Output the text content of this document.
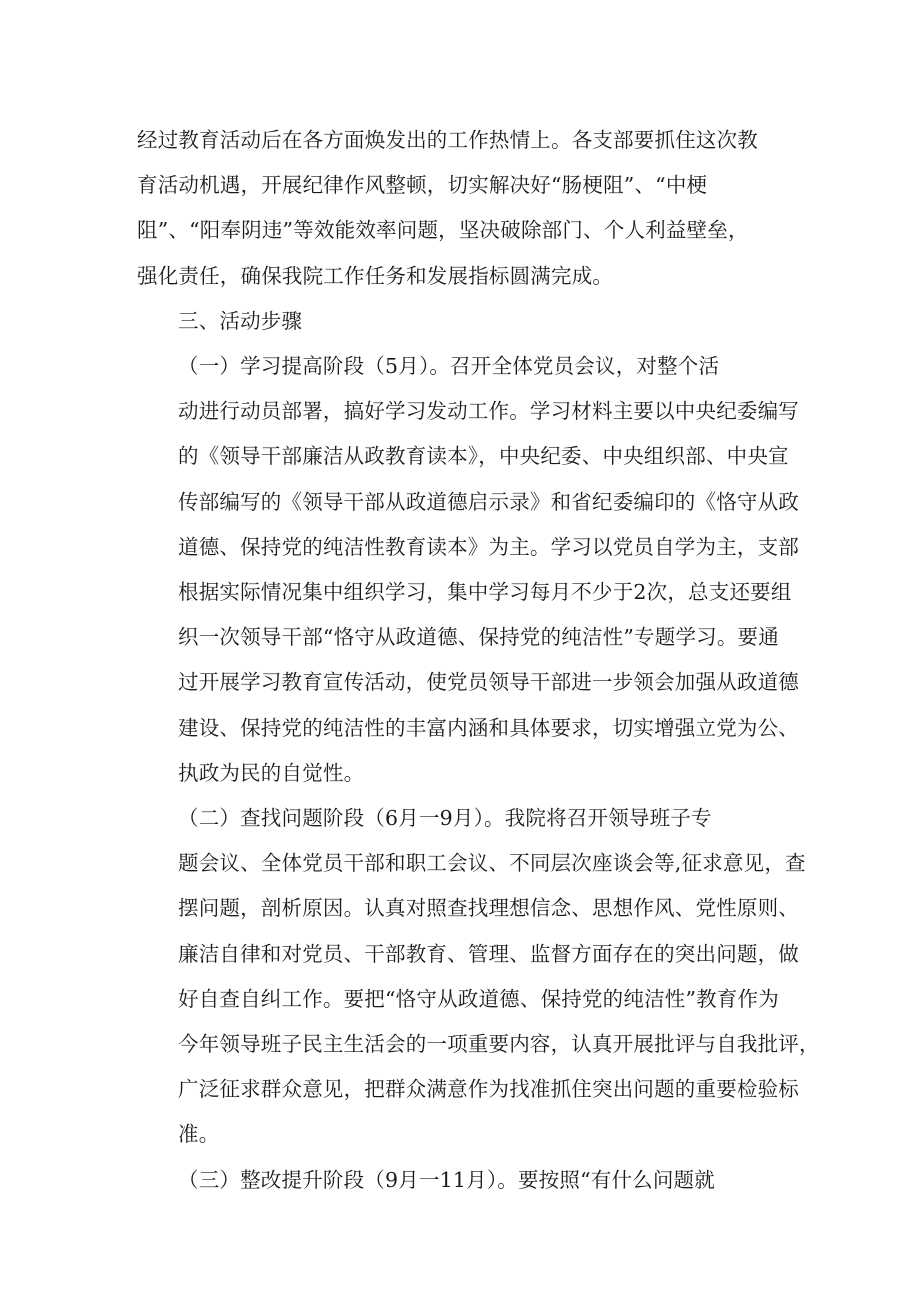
经过教育活动后在各方面焕发出的工作热情上。各支部要抓住这次教
育活动机遇，开展纪律作风整顿，切实解决好“肠梗阻”、“中梗
阻”、“阳奉阴违”等效能效率问题，坚决破除部门、个人利益壁垒，
强化责任，确保我院工作任务和发展指标圆满完成。

三、活动步骤

（一）学习提高阶段（5月）。召开全体党员会议，对整个活
动进行动员部署，搞好学习发动工作。学习材料主要以中央纪委编写
的《领导干部廉洁从政教育读本》，中央纪委、中央组织部、中央宣
传部编写的《领导干部从政道德启示录》和省纪委编印的《恪守从政
道德、保持党的纯洁性教育读本》为主。学习以党员自学为主，支部
根据实际情况集中组织学习，集中学习每月不少于2次，总支还要组
织一次领导干部“恪守从政道德、保持党的纯洁性”专题学习。要通
过开展学习教育宣传活动，使党员领导干部进一步领会加强从政道德
建设、保持党的纯洁性的丰富内涵和具体要求，切实增强立党为公、
执政为民的自觉性。

（二）查找问题阶段（6月一9月）。我院将召开领导班子专
题会议、全体党员干部和职工会议、不同层次座谈会等,征求意见，查
摆问题，剖析原因。认真对照查找理想信念、思想作风、党性原则、
廉洁自律和对党员、干部教育、管理、监督方面存在的突出问题，做
好自查自纠工作。要把“恪守从政道德、保持党的纯洁性”教育作为
今年领导班子民主生活会的一项重要内容，认真开展批评与自我批评，
广泛征求群众意见，把群众满意作为找准抓住突出问题的重要检验标
准。

（三）整改提升阶段（9月一11月）。要按照“有什么问题就
